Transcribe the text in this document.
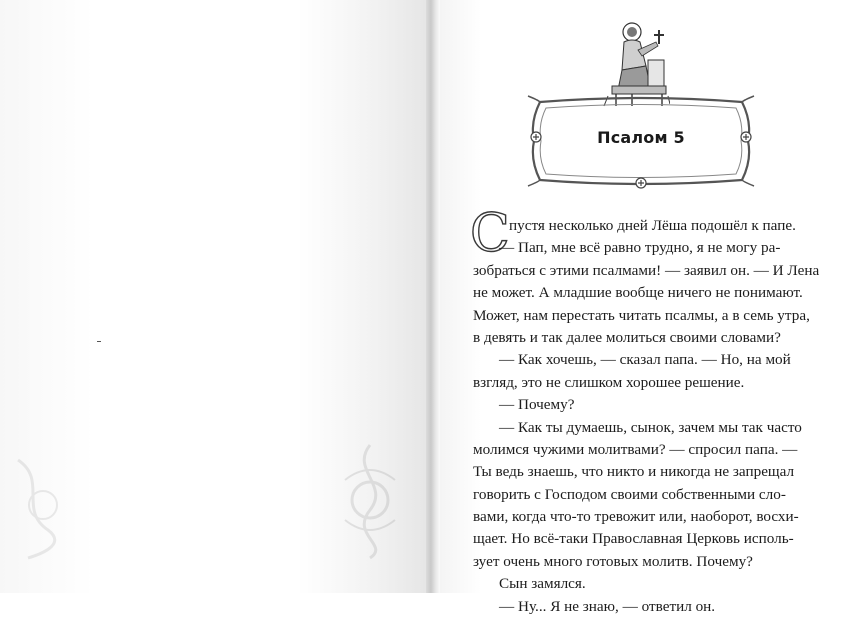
Псалом 5
С пустя несколько дней Лёша подошёл к папе.
— Пап, мне всё равно трудно, я не могу ра-
зобраться с этими псалмами! — заявил он. — И Лена
не может. А младшие вообще ничего не понимают.
Может, нам перестать читать псалмы, а в семь утра,
в девять и так далее молиться своими словами?
— Как хочешь, — сказал папа. — Но, на мой
взгляд, это не слишком хорошее решение.
— Почему?
— Как ты думаешь, сынок, зачем мы так часто
молимся чужими молитвами? — спросил папа. —
Ты ведь знаешь, что никто и никогда не запрещал
говорить с Господом своими собственными сло-
вами, когда что-то тревожит или, наоборот, восхи-
щает. Но всё-таки Православная Церковь исполь-
зует очень много готовых молитв. Почему?
Сын замялся.
— Ну... Я не знаю, — ответил он.
